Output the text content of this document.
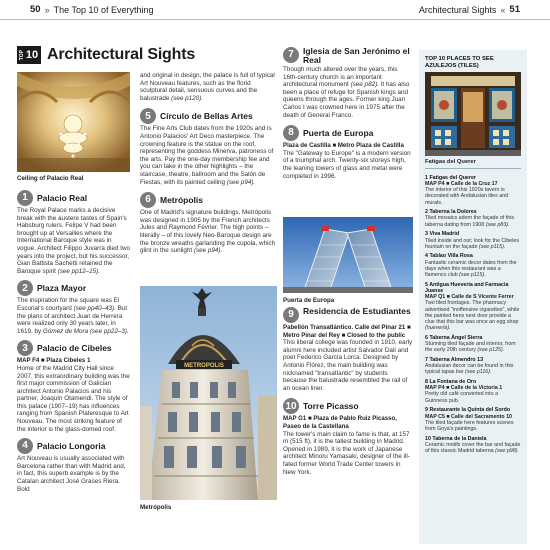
50 » The Top 10 of Everything	Architectural Sights « 51
TOP 10 Architectural Sights
Ceiling of Palacio Real
1	Palacio Real

The Royal Palace marks a decisive break with the austere tastes of Spain's Habsburg rulers. Felipe V had been brought up at Versailles where the International Baroque style was in vogue. Architect Filippo Juvarra died two years into the project, but his successor, Gian Battista Sachetti retained the Baroque spirit (see pp12–15).

2	Plaza Mayor

The inspiration for the square was El Escorial's courtyard (see pp40–43). But the plans of architect Juan de Herrera were realized only 30 years later, in 1619, by Gómez de Mora (see pp22–3).

3	Palacio de Cibeles

MAP F4 ■ Plaza Cibeles 1

Home of the Madrid City Hall since 2007, this extraordinary building was the first major commission of Galician architect Antonio Palacios and his partner, Joaquín Otamendi. The style of this palace (1907–19) has influences ranging from Spanish Plateresque to Art Nouveau. The most striking feature of the interior is the glass-domed roof.

4	Palacio Longoria

Art Nouveau is usually associated with Barcelona rather than with Madrid and, in fact, this superb example is by the Catalan architect José Grases Riera. Bold

and original in design, the palace is full of typical Art Nouveau features, such as the florid sculptural detail, sensuous curves and the balustrade (see p120).

5	Círculo de Bellas Artes

The Fine Arts Club dates from the 1920s and is Antonio Palacios' Art Deco masterpiece. The crowning feature is the statue on the roof, representing the goddess Minerva, patroness of the arts. Pay the one-day membership fee and you can take in the other highlights – the staircase, theatre, ballroom and the Salón de Fiestas, with its painted ceiling (see p94).

6	Metrópolis

One of Madrid's signature buildings, Metrópolis was designed in 1905 by the French architects Jules and Raymond Février. The high points – literally – of this lovely Neo-Baroque design are the bronze wreaths garlanding the cupola, which glint in the sunlight (see p94).

METROPOLIS
Metrópolis
7	Iglesia de San Jerónimo el Real

Though much altered over the years, this 16th-century church is an important architectural monument (see p82). It has also been a place of refuge for Spanish kings and queens through the ages. Former king Juan Carlos I was crowned here in 1975 after the death of General Franco.

8	Puerta de Europa

Plaza de Castilla ■ Metro Plaza de Castilla

The "Gateway to Europe" is a modern version of a triumphal arch. Twenty-six storeys high, the leaning towers of glass and metal were completed in 1996.

Puerta de Europa
9	Residencia de Estudiantes

Pabellón Transatlántico. Calle del Pinar 21 ■ Metro Pinar del Rey ■ Closed to the public

This liberal college was founded in 1910, early alumni here included artist Salvador Dalí and poet Federico García Lorca. Designed by Antonio Flórez, the main building was nicknamed "transatlantic" by students because the balustrade resembled the rail of an ocean liner.

10 Torre Picasso

MAP G1 ■ Plaza de Pablo Ruiz Picasso, Paseo de la Castellana

The tower's main claim to fame is that, at 157 m (515 ft), it is the tallest building in Madrid. Opened in 1989, it is the work of Japanese architect Minoru Yamasaki, designer of the ill-fated former World Trade Center towers in New York.

TOP 10 PLACES TO SEE AZULEJOS (TILES)
Fatigas del Querer
1 Fatigas del Querer
MAP P4 ■ Calle de la Cruz 17
The interior of this 1920s tavern is decorated with Andalusian tiles and murals.
2 Taberna la Dolores
Tiled mosaics adorn the façade of this taberna dating from 1908 (see p83).
3 Viva Madrid
Tiled inside and out; look for the Cibeles fountain on the façade (see p115).
4 Tablao Villa Rosa
Fantastic ceramic decor dates from the days when this restaurant was a flamenco club (see p115).
5 Antigua Huevería and Farmacia Juanse
MAP Q1 ■ Calle de S Vicente Ferrer
Two tiled frontages. The pharmacy advertised "inoffensive cigarettes", while the painted hens next door provide a clue that this bar was once an egg shop (huevería).
6 Taberna Ángel Sierra
Stunning tiled façade and interior, from the early 20th century (see p125).
7 Taberna Almendro 13
Andalusian decor can be found in this typical tapas bar (see p116).
8 La Fontana de Oro
MAP P4 ■ Calle de la Victoria 1
Pretty old café converted into a Guinness pub.
9 Restaurante la Quinta del Sordo
MAP C5 ■ Calle del Sacramento 10
The tiled façade here features scenes from Goya's paintings.
10 Taberna de la Daniela
Ceramic motifs cover the bar and façade of this classic Madrid taberna (see p98).
